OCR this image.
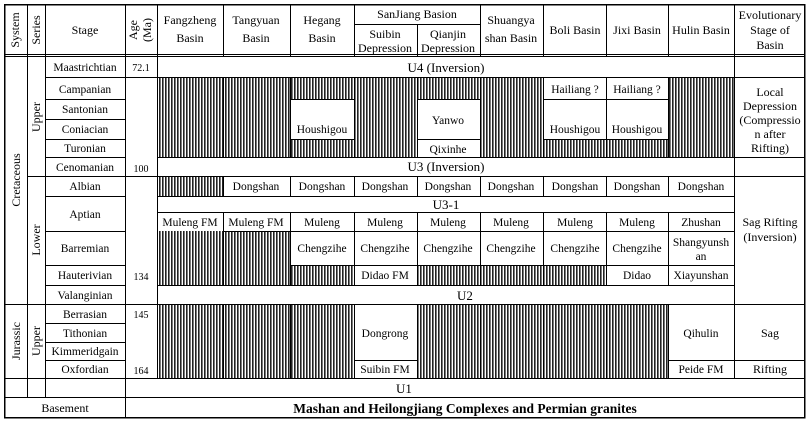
System Series Stage Age (Ma) Fangzheng
Basin
Tangyuan
Basin
Hegang
Basin
SanJiang Basion
Suibin
Depression
Qianjin
Depression
Shuangya
shan Basin
Boli Basin Jixi Basin Hulin Basin
Evolutionary
Stage of
Basin
Cretaceous
Jurassic
Upper
Lower
Upper
Maastrichtian
Campanian
Santonian
Coniacian
Turonian
Cenomanian
Albian
Aptian
Barremian
Hauterivian
Valanginian
Berrasian
Tithonian
Kimmeridgain
Oxfordian
72.1
100
134
145
164
U4 (Inversion)
U3 (Inversion)
U3-1
U2
U1
Houshigou
Yanwo
Qixinhe
Hailiang ? Hailiang ?
Houshigou Houshigou
Dongshan Dongshan Dongshan Dongshan Dongshan Dongshan Dongshan Dongshan
Muleng FM Muleng FM Muleng Muleng Muleng Muleng Muleng Muleng Zhushan
Chengzihe Chengzihe Chengzihe Chengzihe Chengzihe Chengzihe Shangyunsh
an
Didao FM	Didao Xiayunshan
Dongrong
Suibin FM
Qihulin
Peide FM
Local
Depression
(Compressio
n after
Rifting)
Sag Rifting
(Inversion)
Sag
Rifting
Basement	Mashan and Heilongjiang Complexes and Permian granites
